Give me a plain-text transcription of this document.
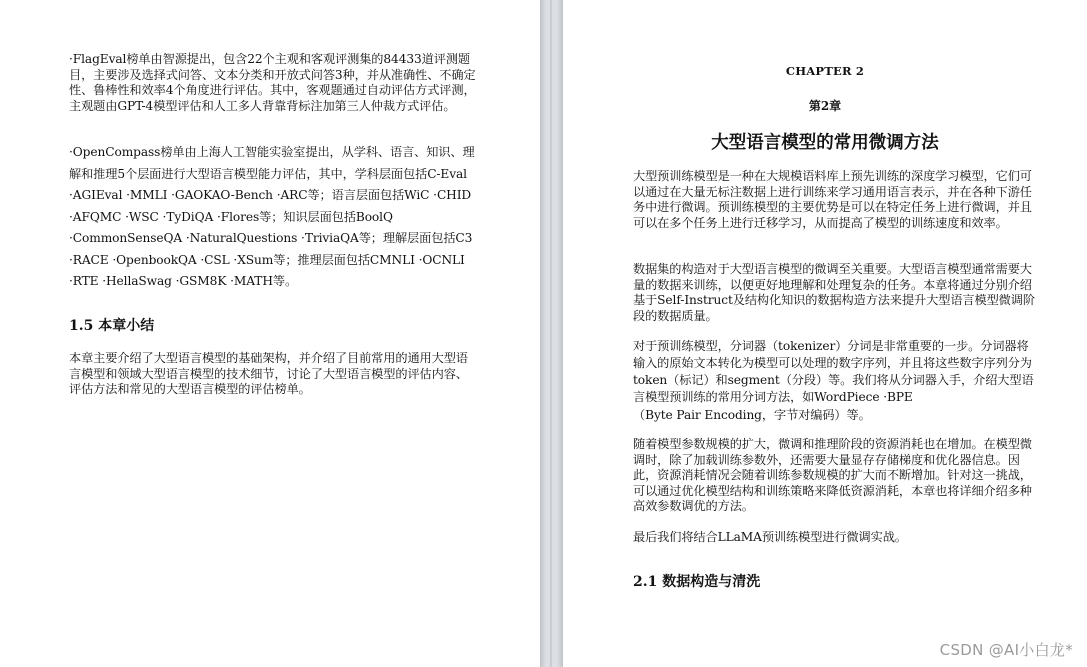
·FlagEval榜单由智源提出，包含22个主观和客观评测集的84433道评测题目，主要涉及选择式问答、文本分类和开放式问答3种，并从准确性、不确定性、鲁棒性和效率4个角度进行评估。其中，客观题通过自动评估方式评测，主观题由GPT-4模型评估和人工多人背靠背标注加第三人仲裁方式评估。

·OpenCompass榜单由上海人工智能实验室提出，从学科、语言、知识、理解和推理5个层面进行大型语言模型能力评估，其中，学科层面包括C-Eval ·AGIEval ·MMLI ·GAOKAO-Bench ·ARC等；语言层面包括WiC ·CHID ·AFQMC ·WSC ·TyDiQA ·Flores等；知识层面包括BoolQ ·CommonSenseQA ·NaturalQuestions ·TriviaQA等；理解层面包括C3 ·RACE ·OpenbookQA ·CSL ·XSum等；推理层面包括CMNLI ·OCNLI ·RTE ·HellaSwag ·GSM8K ·MATH等。

1.5 本章小结

本章主要介绍了大型语言模型的基础架构，并介绍了目前常用的通用大型语言模型和领域大型语言模型的技术细节，讨论了大型语言模型的评估内容、评估方法和常见的大型语言模型的评估榜单。

CHAPTER 2

第2章

大型语言模型的常用微调方法

大型预训练模型是一种在大规模语料库上预先训练的深度学习模型，它们可以通过在大量无标注数据上进行训练来学习通用语言表示，并在各种下游任务中进行微调。预训练模型的主要优势是可以在特定任务上进行微调，并且可以在多个任务上进行迁移学习，从而提高了模型的训练速度和效率。

数据集的构造对于大型语言模型的微调至关重要。大型语言模型通常需要大量的数据来训练，以便更好地理解和处理复杂的任务。本章将通过分别介绍基于Self-Instruct及结构化知识的数据构造方法来提升大型语言模型微调阶段的数据质量。

对于预训练模型，分词器（tokenizer）分词是非常重要的一步。分词器将输入的原始文本转化为模型可以处理的数字序列，并且将这些数字序列分为token（标记）和segment（分段）等。我们将从分词器入手，介绍大型语言模型预训练的常用分词方法，如WordPiece ·BPE

（Byte Pair Encoding，字节对编码）等。

随着模型参数规模的扩大，微调和推理阶段的资源消耗也在增加。在模型微调时，除了加载训练参数外，还需要大量显存存储梯度和优化器信息。因此，资源消耗情况会随着训练参数规模的扩大而不断增加。针对这一挑战，可以通过优化模型结构和训练策略来降低资源消耗，本章也将详细介绍多种高效参数调优的方法。

最后我们将结合LLaMA预训练模型进行微调实战。

2.1 数据构造与清洗
CSDN @AI小白龙*
